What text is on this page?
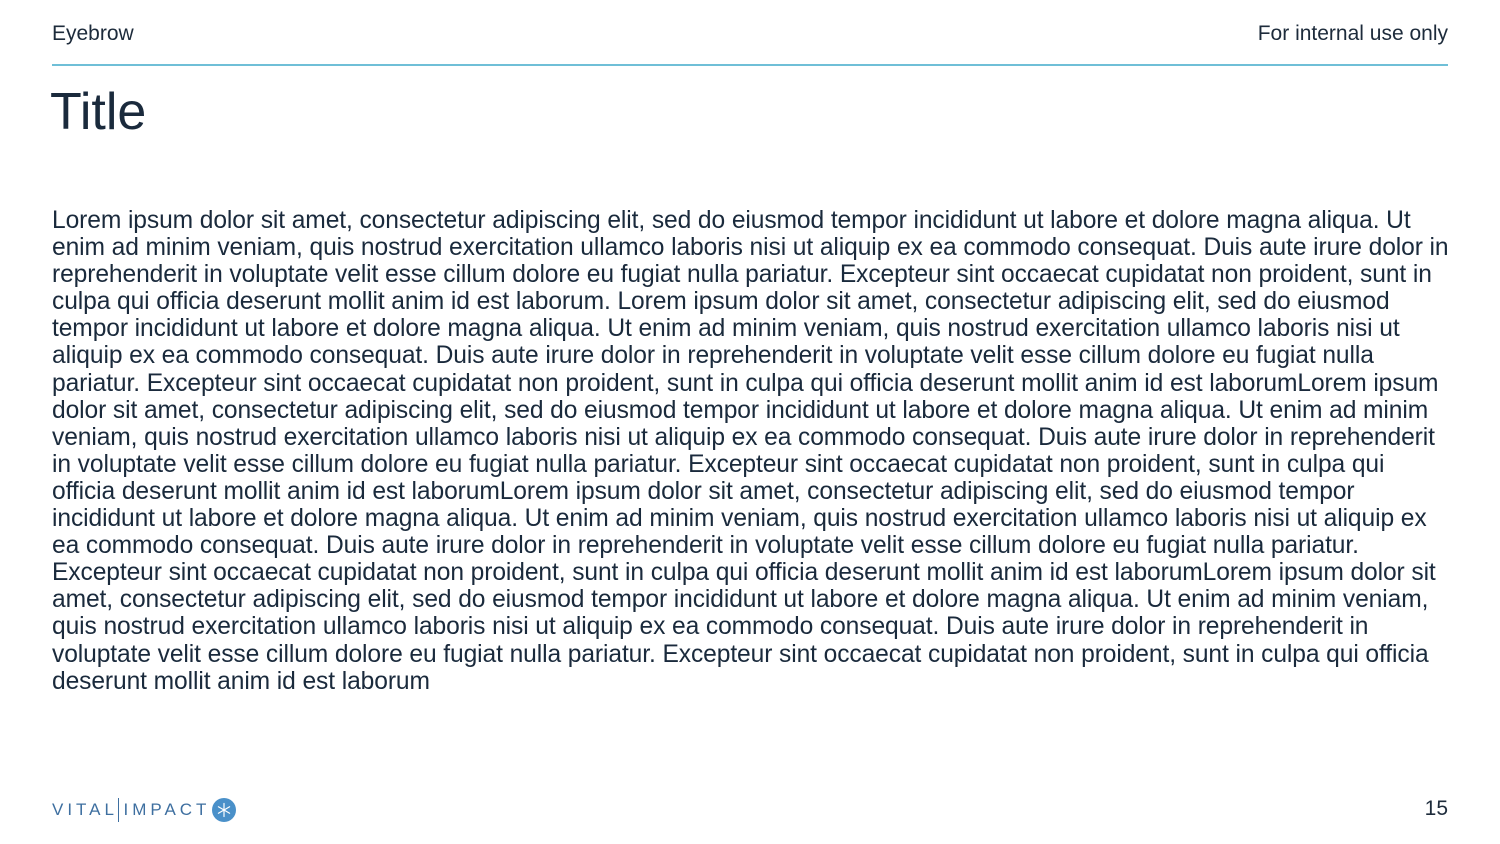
Eyebrow	For internal use only
Title

Lorem ipsum dolor sit amet, consectetur adipiscing elit, sed do eiusmod tempor incididunt ut labore et dolore magna aliqua. Ut enim ad minim veniam, quis nostrud exercitation ullamco laboris nisi ut aliquip ex ea commodo consequat. Duis aute irure dolor in reprehenderit in voluptate velit esse cillum dolore eu fugiat nulla pariatur. Excepteur sint occaecat cupidatat non proident, sunt in culpa qui officia deserunt mollit anim id est laborum. Lorem ipsum dolor sit amet, consectetur adipiscing elit, sed do eiusmod tempor incididunt ut labore et dolore magna aliqua. Ut enim ad minim veniam, quis nostrud exercitation ullamco laboris nisi ut aliquip ex ea commodo consequat. Duis aute irure dolor in reprehenderit in voluptate velit esse cillum dolore eu fugiat nulla pariatur. Excepteur sint occaecat cupidatat non proident, sunt in culpa qui officia deserunt mollit anim id est laborumLorem ipsum dolor sit amet, consectetur adipiscing elit, sed do eiusmod tempor incididunt ut labore et dolore magna aliqua. Ut enim ad minim veniam, quis nostrud exercitation ullamco laboris nisi ut aliquip ex ea commodo consequat. Duis aute irure dolor in reprehenderit in voluptate velit esse cillum dolore eu fugiat nulla pariatur. Excepteur sint occaecat cupidatat non proident, sunt in culpa qui officia deserunt mollit anim id est laborumLorem ipsum dolor sit amet, consectetur adipiscing elit, sed do eiusmod tempor incididunt ut labore et dolore magna aliqua. Ut enim ad minim veniam, quis nostrud exercitation ullamco laboris nisi ut aliquip ex ea commodo consequat. Duis aute irure dolor in reprehenderit in voluptate velit esse cillum dolore eu fugiat nulla pariatur. Excepteur sint occaecat cupidatat non proident, sunt in culpa qui officia deserunt mollit anim id est laborumLorem ipsum dolor sit amet, consectetur adipiscing elit, sed do eiusmod tempor incididunt ut labore et dolore magna aliqua. Ut enim ad minim veniam, quis nostrud exercitation ullamco laboris nisi ut aliquip ex ea commodo consequat. Duis aute irure dolor in reprehenderit in voluptate velit esse cillum dolore eu fugiat nulla pariatur. Excepteur sint occaecat cupidatat non proident, sunt in culpa qui officia deserunt mollit anim id est laborum

VITAL IMPACT	15
